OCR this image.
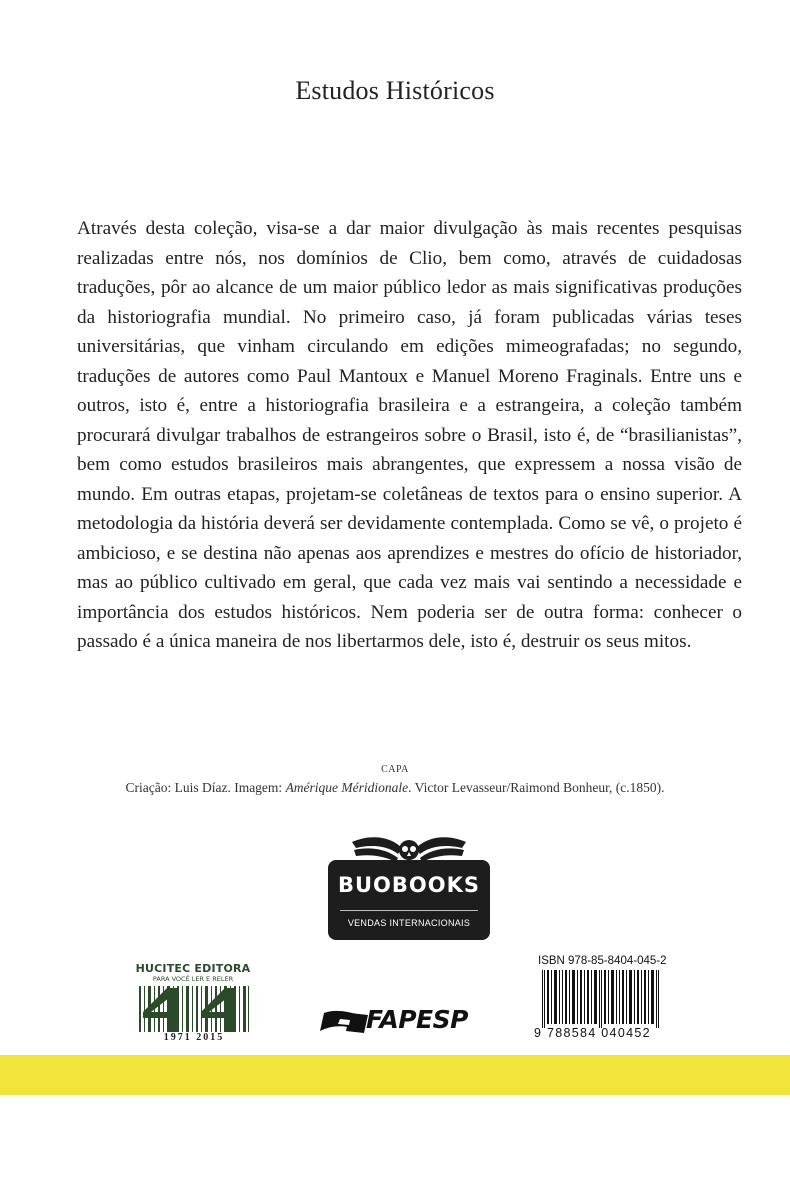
Estudos Históricos

Através desta coleção, visa-se a dar maior divulgação às mais recentes pesquisas realizadas entre nós, nos domínios de Clio, bem como, através de cuidadosas traduções, pôr ao alcance de um maior público ledor as mais significativas produções da historiografia mundial. No primeiro caso, já foram publicadas várias teses universitárias, que vinham circulando em edições mimeografadas; no segundo, traduções de autores como Paul Mantoux e Manuel Moreno Fraginals. Entre uns e outros, isto é, entre a historiografia brasileira e a estrangeira, a coleção também procurará divulgar trabalhos de estrangeiros sobre o Brasil, isto é, de “brasilianistas”, bem como estudos brasileiros mais abrangentes, que expressem a nossa visão de mundo. Em outras etapas, projetam-se coletâneas de textos para o ensino superior. A metodologia da história deverá ser devidamente contemplada. Como se vê, o projeto é ambicioso, e se destina não apenas aos aprendizes e mestres do ofício de historiador, mas ao público cultivado em geral, que cada vez mais vai sentindo a necessidade e importância dos estudos históricos. Nem poderia ser de outra forma: conhecer o passado é a única maneira de nos libertarmos dele, isto é, destruir os seus mitos.

CAPA
Criação: Luis Díaz. Imagem: Amérique Méridionale. Victor Levasseur/Raimond Bonheur, (c.1850).
BUOBOOKS
VENDAS INTERNACIONAIS
HUCITEC EDITORA
PARA VOCÊ LER E RELER
1971 2015
FAPESP
ISBN 978-85-8404-045-2
9 788584 040452
